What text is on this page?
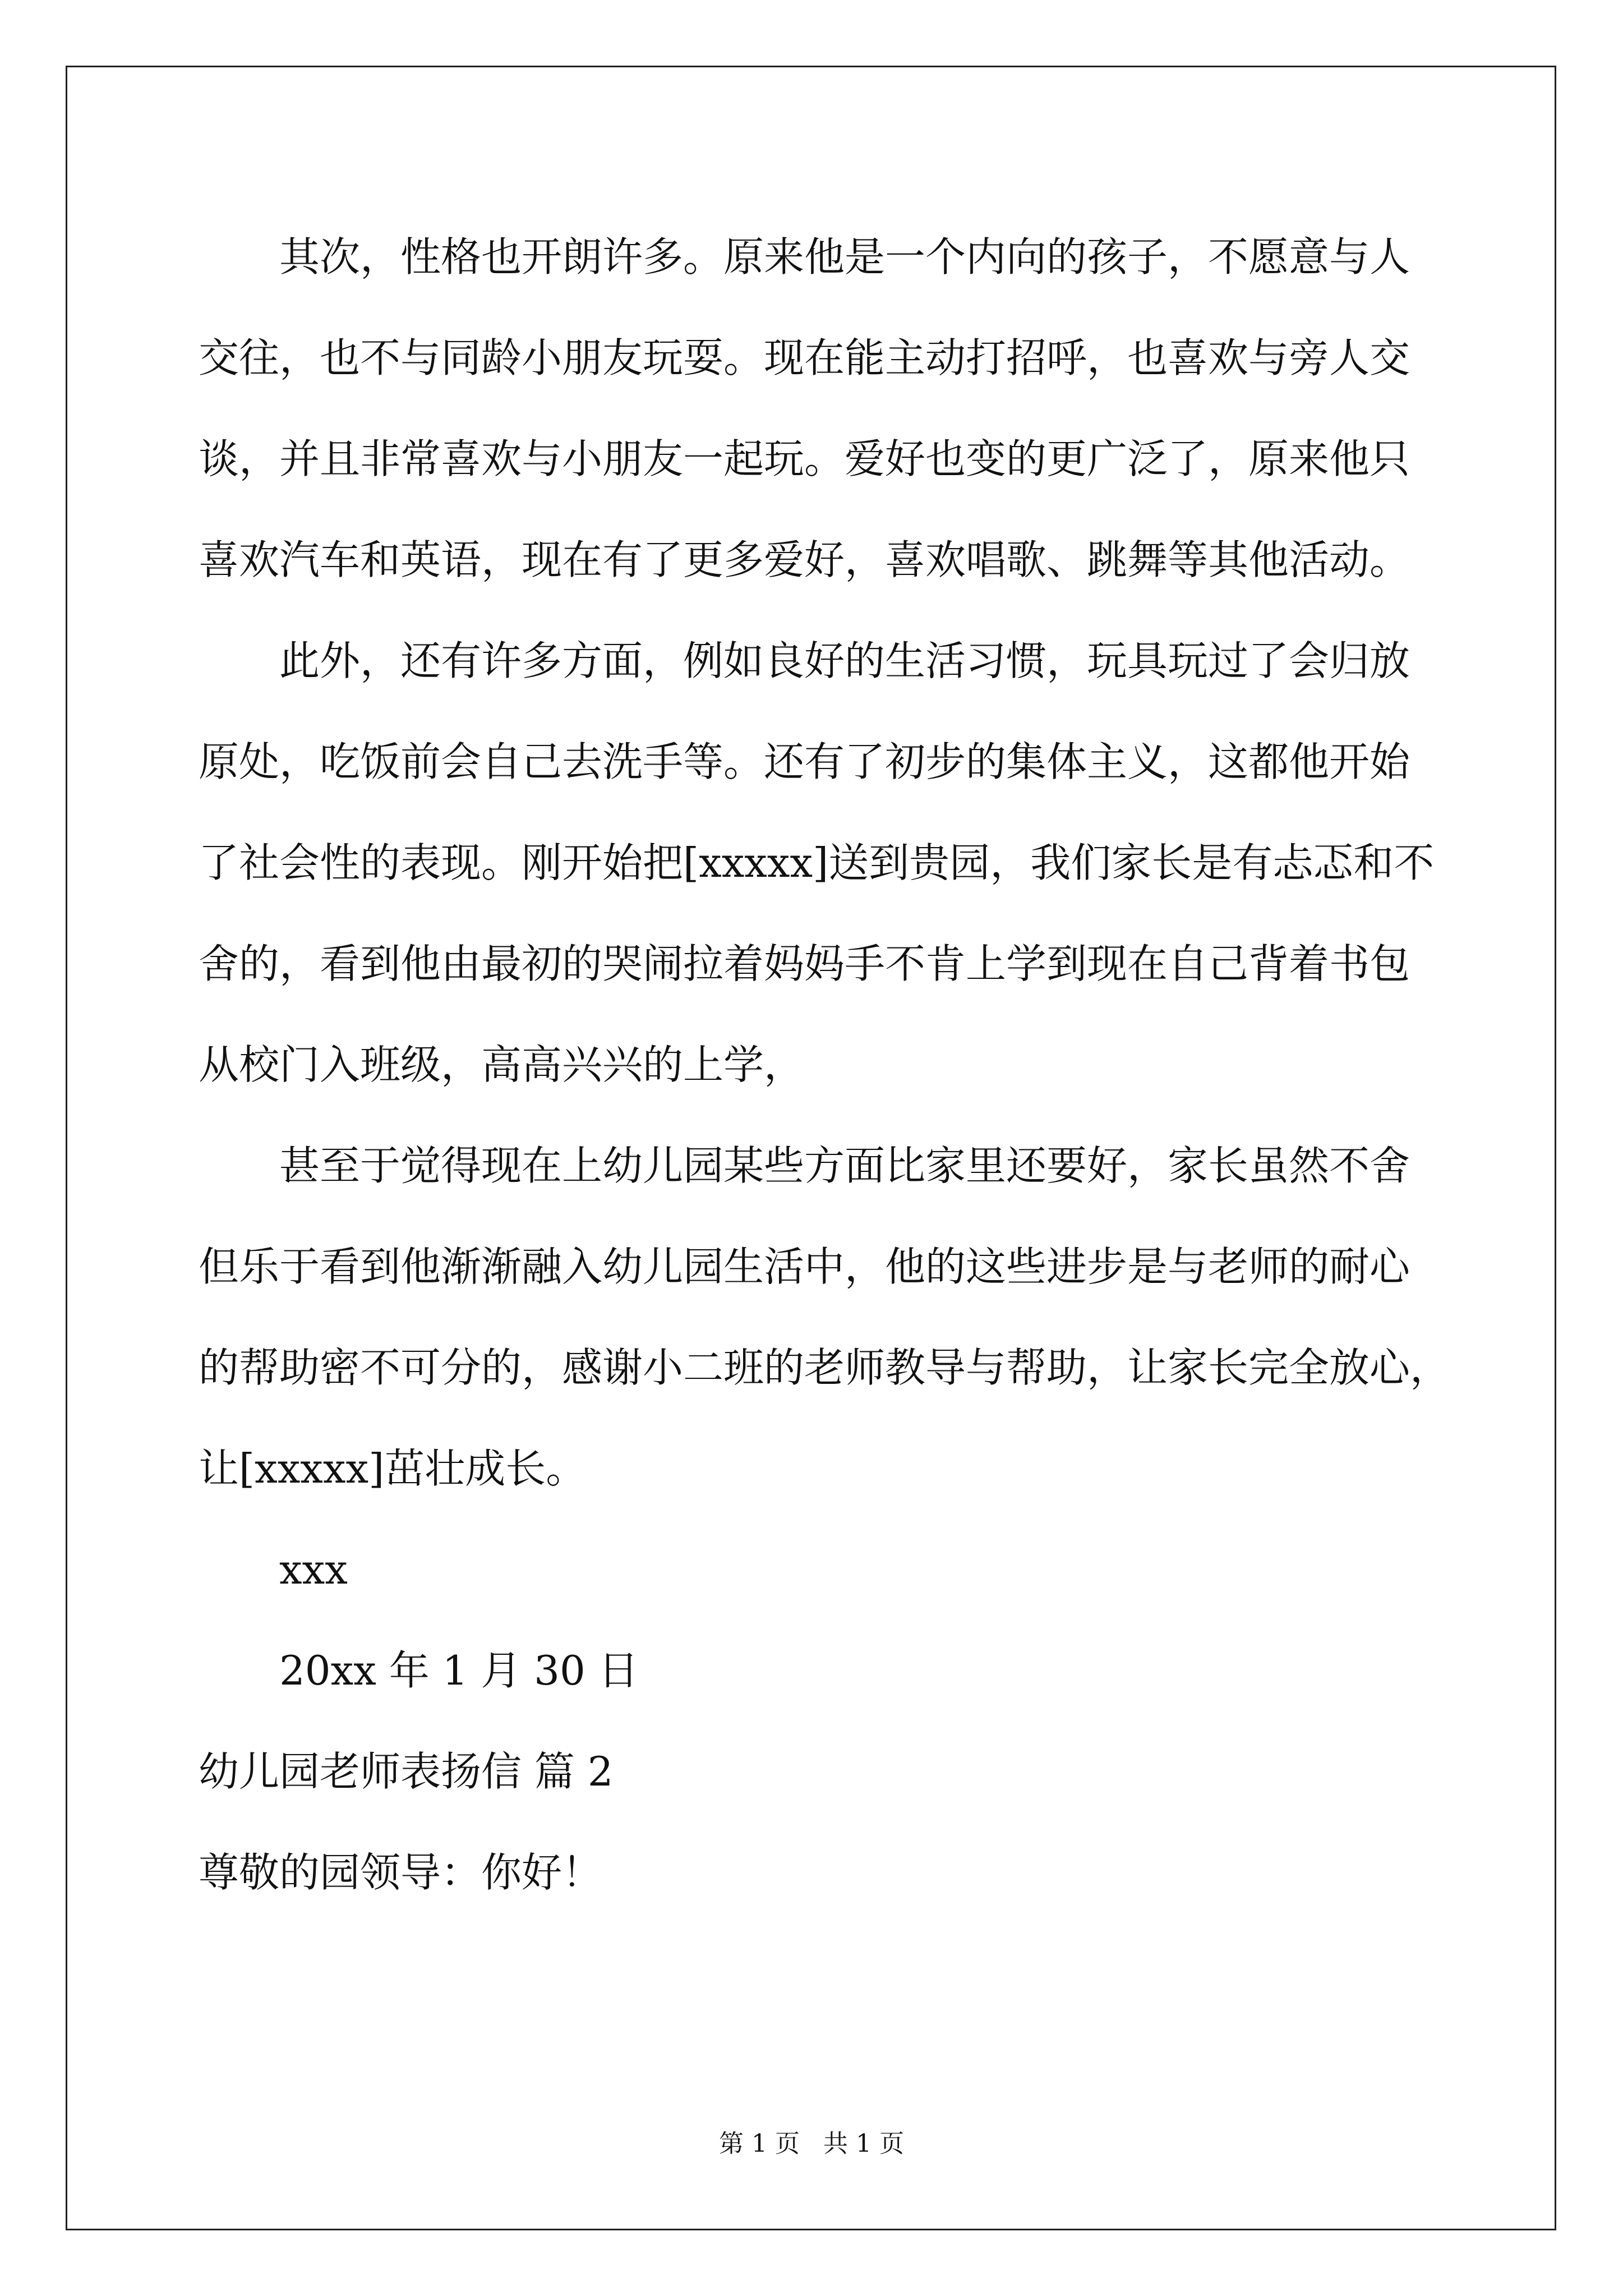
其次，性格也开朗许多。原来他是一个内向的孩子，不愿意与人
交往，也不与同龄小朋友玩耍。现在能主动打招呼，也喜欢与旁人交
谈，并且非常喜欢与小朋友一起玩。爱好也变的更广泛了，原来他只
喜欢汽车和英语，现在有了更多爱好，喜欢唱歌、跳舞等其他活动。
此外，还有许多方面，例如良好的生活习惯，玩具玩过了会归放
原处，吃饭前会自己去洗手等。还有了初步的集体主义，这都他开始
了社会性的表现。刚开始把[xxxxx]送到贵园，我们家长是有忐忑和不
舍的，看到他由最初的哭闹拉着妈妈手不肯上学到现在自己背着书包
从校门入班级，高高兴兴的上学，
甚至于觉得现在上幼儿园某些方面比家里还要好，家长虽然不舍
但乐于看到他渐渐融入幼儿园生活中，他的这些进步是与老师的耐心
的帮助密不可分的，感谢小二班的老师教导与帮助，让家长完全放心，
让[xxxxx]茁壮成长。
xxx
20xx 年 1 月 30 日
幼儿园老师表扬信 篇 2
尊敬的园领导：你好！
第 1 页 共 1 页
